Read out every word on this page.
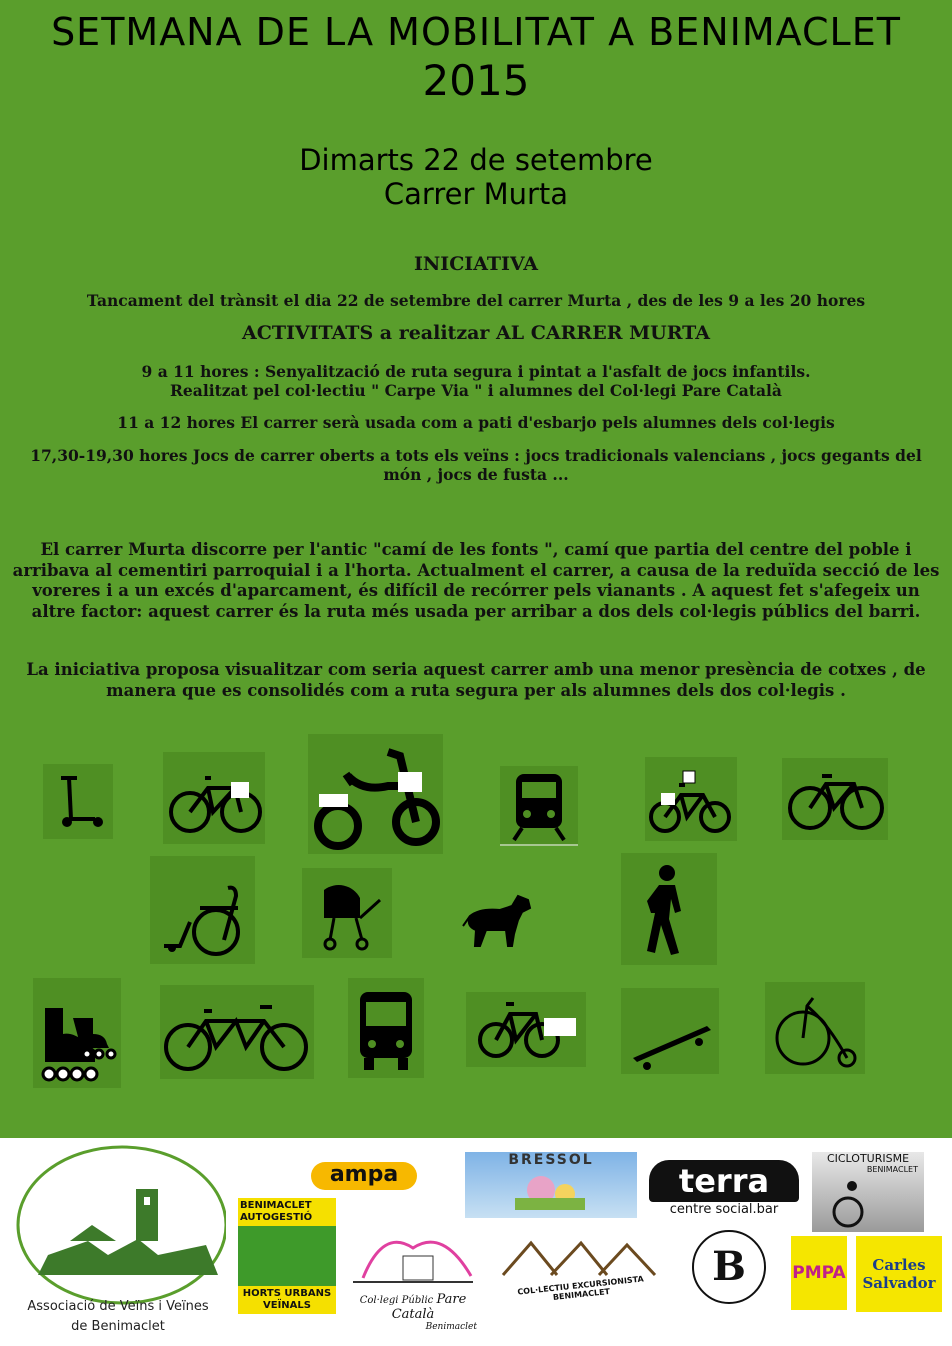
SETMANA DE LA MOBILITAT A BENIMACLET
2015
Dimarts 22 de setembre
Carrer Murta
INICIATIVA
Tancament del trànsit el dia 22 de setembre del carrer Murta , des de les 9 a les 20 hores
ACTIVITATS a realitzar AL CARRER MURTA
9 a 11 hores : Senyalització de ruta segura i pintat a l'asfalt de jocs infantils.
Realitzat pel col·lectiu " Carpe Via " i alumnes del Col·legi Pare Català
11 a 12 hores El carrer serà usada com a pati d'esbarjo pels alumnes dels col·legis
17,30-19,30 hores Jocs de carrer oberts a tots els veïns : jocs tradicionals valencians , jocs gegants del món , jocs de fusta ...
El carrer Murta discorre per l'antic "camí de les fonts ", camí que partia del centre del poble i arribava al cementiri parroquial i a l'horta. Actualment el carrer, a causa de la reduïda secció de les voreres i a un excés d'aparcament, és difícil de recórrer pels vianants . A aquest fet s'afegeix un altre factor: aquest carrer és la ruta més usada per arribar a dos dels col·legis públics del barri.
La iniciativa proposa visualitzar com seria aquest carrer amb una menor presència de cotxes , de manera que es consolidés com a ruta segura per als alumnes dels dos col·legis .
Associació de Veïns i Veïnes
de Benimaclet
ampa
BRESSOL
terra
centre social.bar
CICLOTURISME
BENIMACLET
BENIMACLET AUTOGESTIÓ
HORTS URBANS VEÏNALS	Col·legi Públic Pare Català
Benimaclet
COL·LECTIU EXCURSIONISTA BENIMACLET
B	PMPA	Carles Salvador
